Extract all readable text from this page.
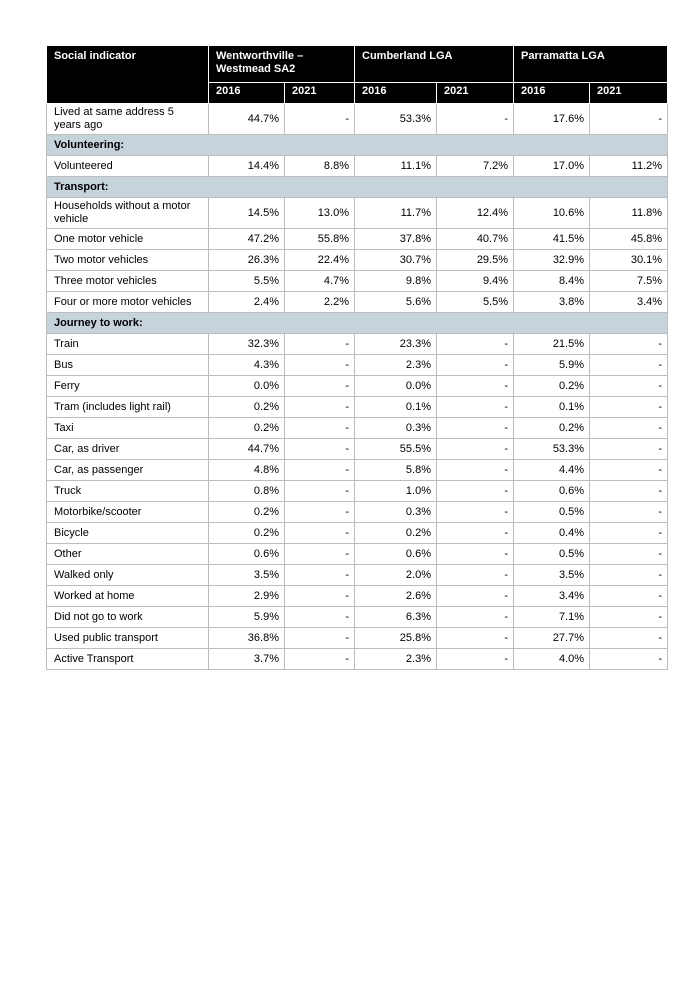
Social indicator	Wentworthville – Westmead SA2		Cumberland LGA		Parramatta LGA	
	2016	2021	2016	2021	2016	2021
Lived at same address 5 years ago	44.7%	-	53.3%	-	17.6%	-
Volunteering:						
Volunteered	14.4%	8.8%	11.1%	7.2%	17.0%	11.2%
Transport:						
Households without a motor vehicle	14.5%	13.0%	11.7%	12.4%	10.6%	11.8%
One motor vehicle	47.2%	55.8%	37.8%	40.7%	41.5%	45.8%
Two motor vehicles	26.3%	22.4%	30.7%	29.5%	32.9%	30.1%
Three motor vehicles	5.5%	4.7%	9.8%	9.4%	8.4%	7.5%
Four or more motor vehicles	2.4%	2.2%	5.6%	5.5%	3.8%	3.4%
Journey to work:						
Train	32.3%	-	23.3%	-	21.5%	-
Bus	4.3%	-	2.3%	-	5.9%	-
Ferry	0.0%	-	0.0%	-	0.2%	-
Tram (includes light rail)	0.2%	-	0.1%	-	0.1%	-
Taxi	0.2%	-	0.3%	-	0.2%	-
Car, as driver	44.7%	-	55.5%	-	53.3%	-
Car, as passenger	4.8%	-	5.8%	-	4.4%	-
Truck	0.8%	-	1.0%	-	0.6%	-
Motorbike/scooter	0.2%	-	0.3%	-	0.5%	-
Bicycle	0.2%	-	0.2%	-	0.4%	-
Other	0.6%	-	0.6%	-	0.5%	-
Walked only	3.5%	-	2.0%	-	3.5%	-
Worked at home	2.9%	-	2.6%	-	3.4%	-
Did not go to work	5.9%	-	6.3%	-	7.1%	-
Used public transport	36.8%	-	25.8%	-	27.7%	-
Active Transport	3.7%	-	2.3%	-	4.0%	-
